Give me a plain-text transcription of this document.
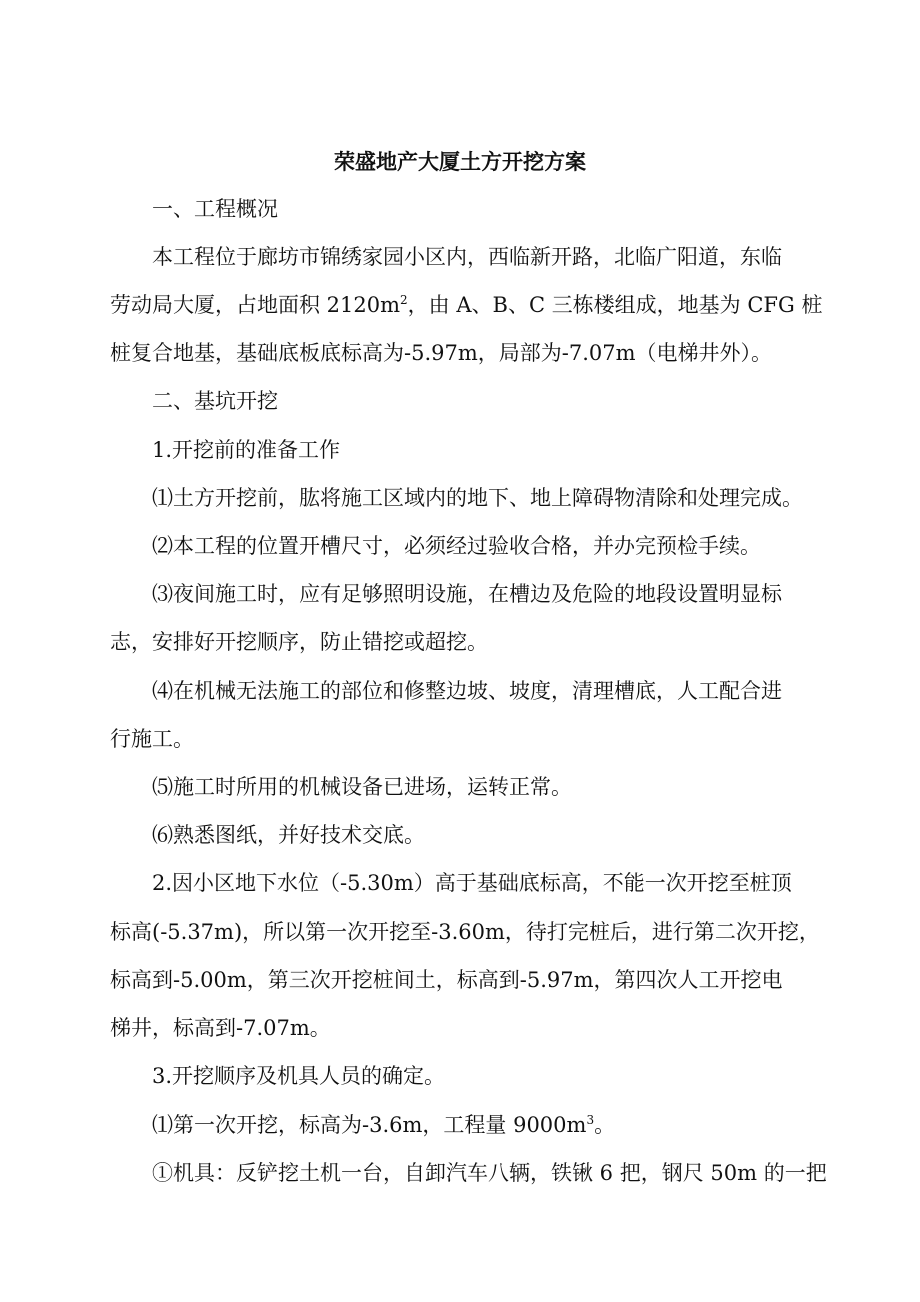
荣盛地产大厦土方开挖方案
一、工程概况
本工程位于廊坊市锦绣家园小区内，西临新开路，北临广阳道，东临
劳动局大厦，占地面积 $2120m^2$，由 A、B、C 三栋楼组成，地基为 CFG 桩
桩复合地基，基础底板底标高为-5.97m，局部为-7.07m（电梯井外）。
二、基坑开挖
1.开挖前的准备工作
⑴土方开挖前，肱将施工区域内的地下、地上障碍物清除和处理完成。
⑵本工程的位置开槽尺寸，必须经过验收合格，并办完预检手续。
⑶夜间施工时，应有足够照明设施，在槽边及危险的地段设置明显标
志，安排好开挖顺序，防止错挖或超挖。
⑷在机械无法施工的部位和修整边坡、坡度，清理槽底，人工配合进
行施工。
⑸施工时所用的机械设备已进场，运转正常。
⑹熟悉图纸，并好技术交底。
2.因小区地下水位（-5.30m）高于基础底标高，不能一次开挖至桩顶
标高(-5.37m)，所以第一次开挖至-3.60m，待打完桩后，进行第二次开挖，
标高到-5.00m，第三次开挖桩间土，标高到-5.97m，第四次人工开挖电
梯井，标高到-7.07m。
3.开挖顺序及机具人员的确定。
⑴第一次开挖，标高为-3.6m，工程量 $9000m^3$。
①机具：反铲挖土机一台，自卸汽车八辆，铁锹 6 把，钢尺 50m 的一把
